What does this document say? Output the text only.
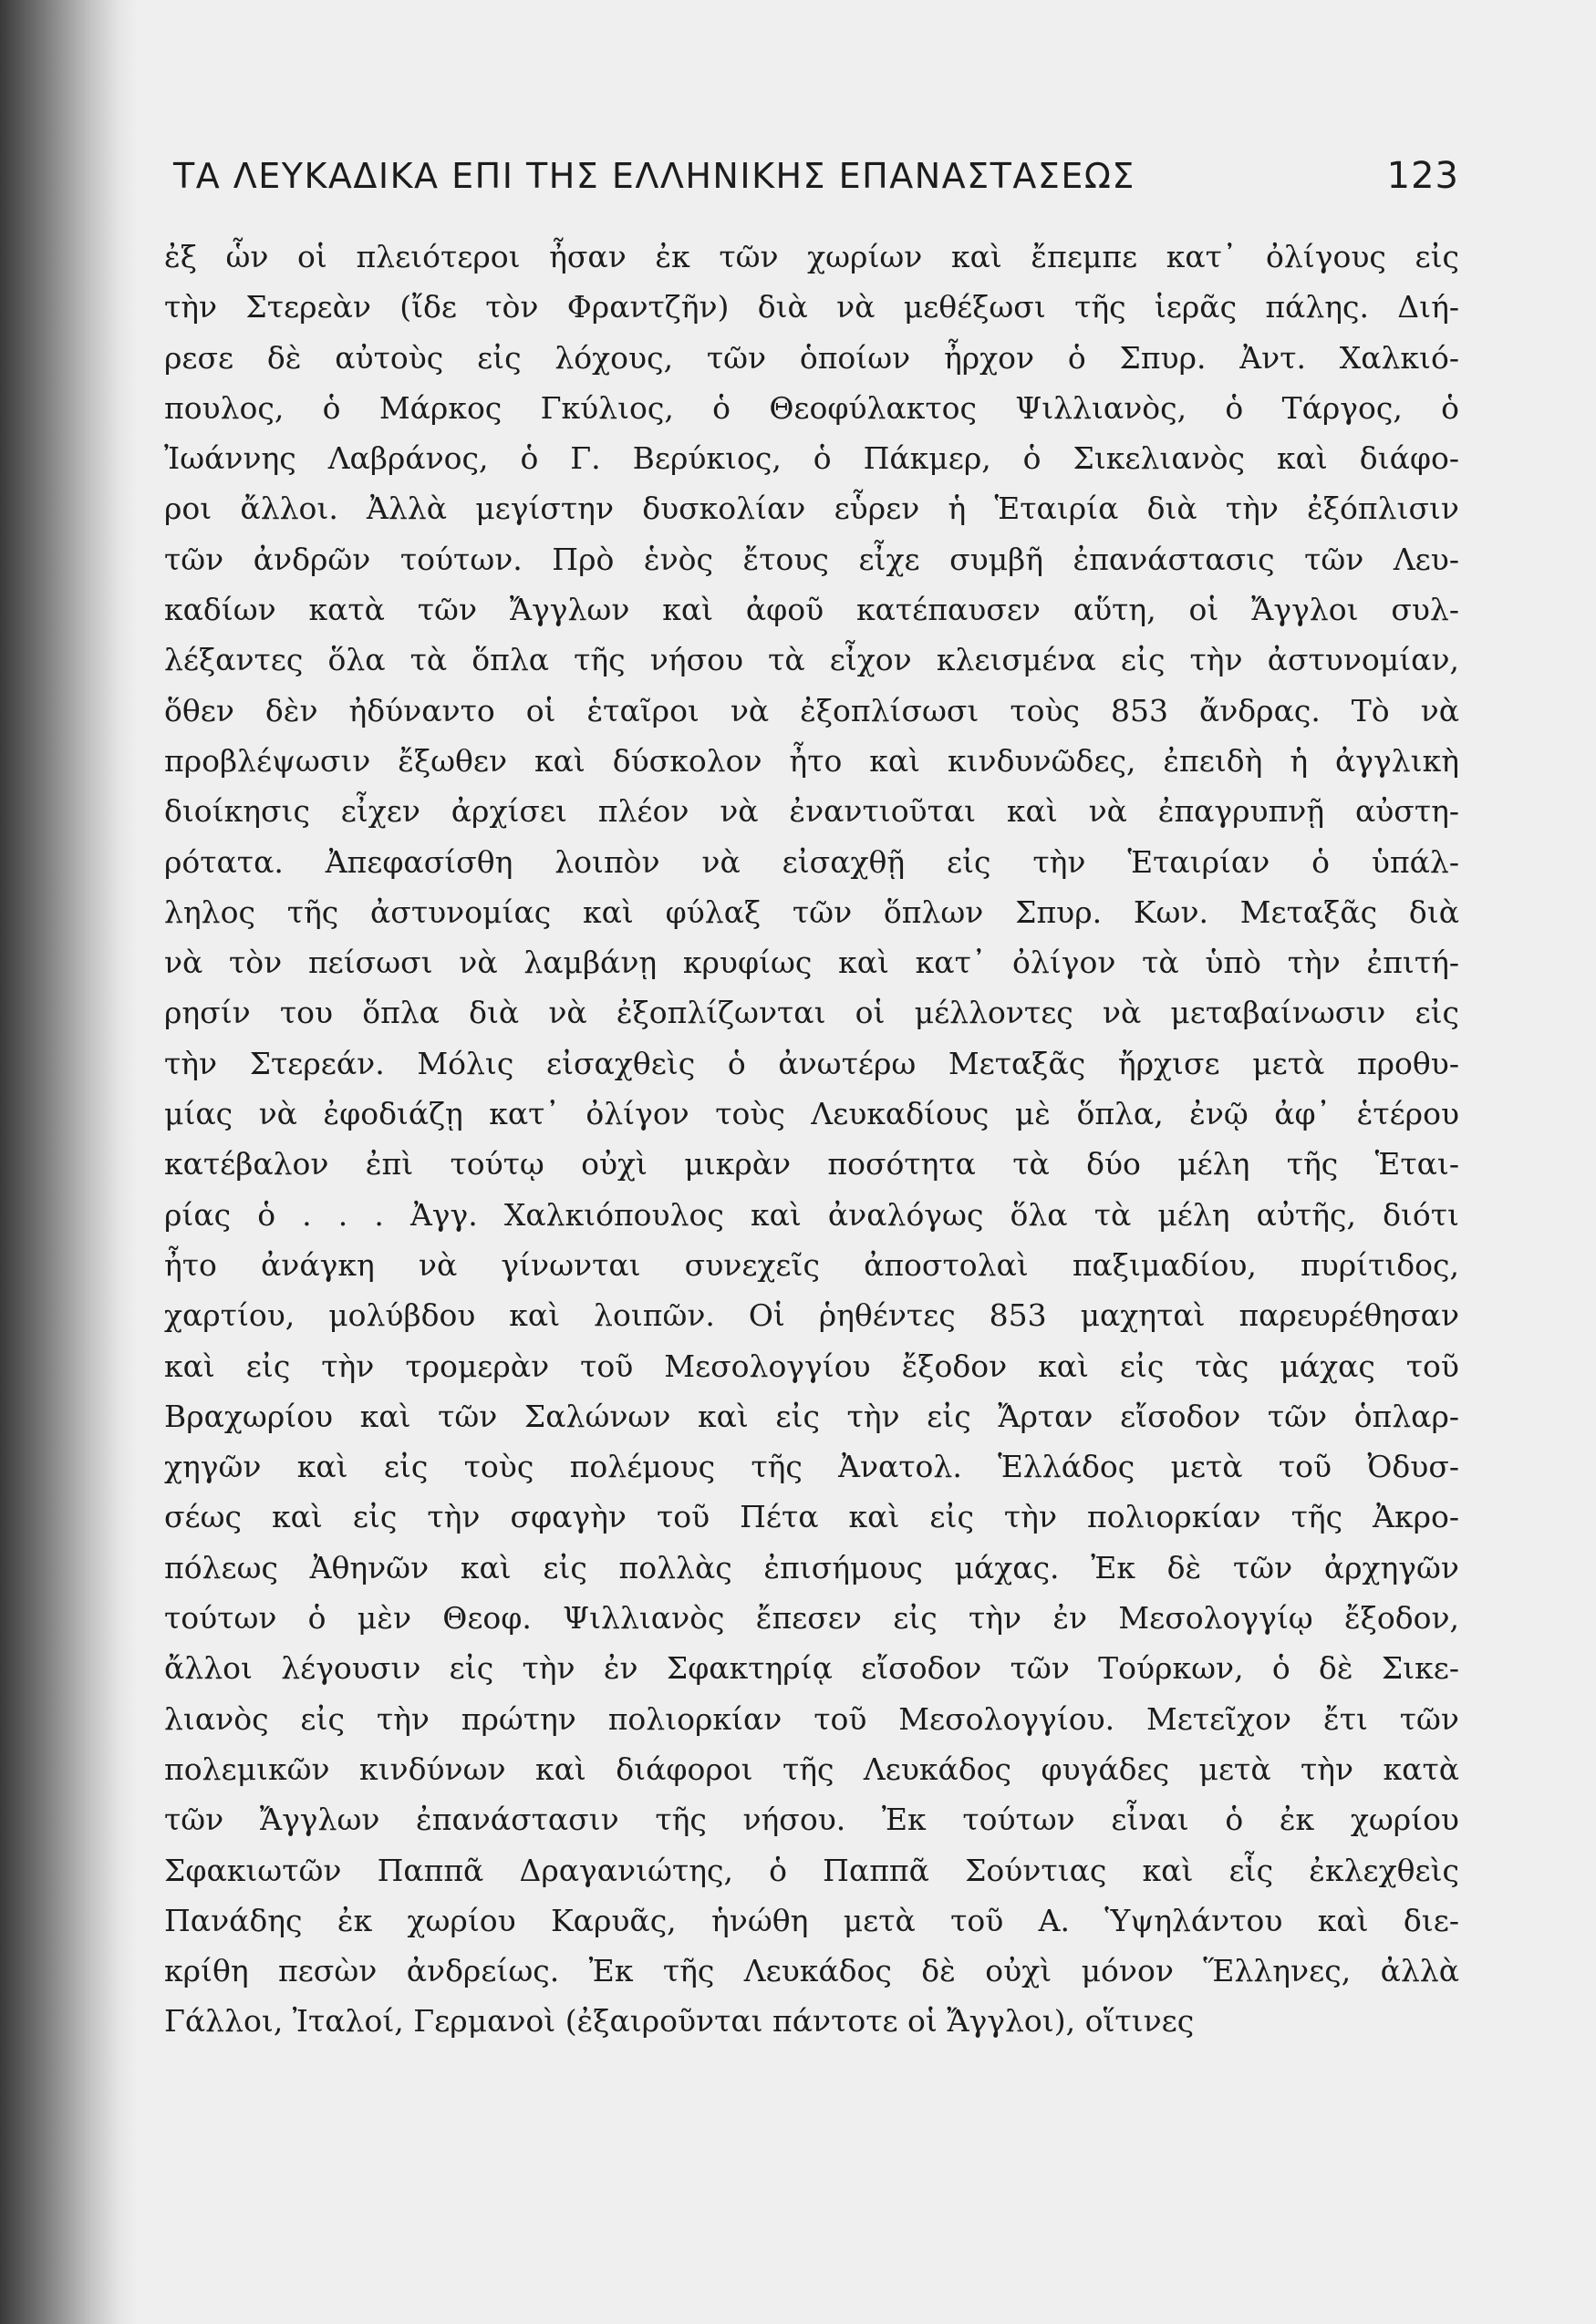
ΤΑ ΛΕΥΚΑΔΙΚΑ ΕΠΙ ΤΗΣ ΕΛΛΗΝΙΚΗΣ ΕΠΑΝΑΣΤΑΣΕΩΣ	123
ἐξ ὧν οἱ πλειότεροι ἦσαν ἐκ τῶν χωρίων καὶ ἔπεμπε κατ᾽ ὀλίγους εἰς
τὴν Στερεὰν (ἴδε τὸν Φραντζῆν) διὰ νὰ μεθέξωσι τῆς ἱερᾶς πάλης. Διή-
ρεσε δὲ αὐτοὺς εἰς λόχους, τῶν ὁποίων ἦρχον ὁ Σπυρ. Ἀντ. Χαλκιό-
πουλος, ὁ Μάρκος Γκύλιος, ὁ Θεοφύλακτος Ψιλλιανὸς, ὁ Τάργος, ὁ
Ἰωάννης Λαβράνος, ὁ Γ. Βερύκιος, ὁ Πάκμερ, ὁ Σικελιανὸς καὶ διάφο-
ροι ἄλλοι. Ἀλλὰ μεγίστην δυσκολίαν εὗρεν ἡ Ἑταιρία διὰ τὴν ἐξόπλισιν
τῶν ἀνδρῶν τούτων. Πρὸ ἑνὸς ἔτους εἶχε συμβῆ ἐπανάστασις τῶν Λευ-
καδίων κατὰ τῶν Ἄγγλων καὶ ἀφοῦ κατέπαυσεν αὕτη, οἱ Ἄγγλοι συλ-
λέξαντες ὅλα τὰ ὅπλα τῆς νήσου τὰ εἶχον κλεισμένα εἰς τὴν ἀστυνομίαν,
ὅθεν δὲν ἠδύναντο οἱ ἑταῖροι νὰ ἐξοπλίσωσι τοὺς 853 ἄνδρας. Τὸ νὰ
προβλέψωσιν ἔξωθεν καὶ δύσκολον ἦτο καὶ κινδυνῶδες, ἐπειδὴ ἡ ἀγγλικὴ
διοίκησις εἶχεν ἀρχίσει πλέον νὰ ἐναντιοῦται καὶ νὰ ἐπαγρυπνῇ αὐστη-
ρότατα. Ἀπεφασίσθη λοιπὸν νὰ εἰσαχθῇ εἰς τὴν Ἑταιρίαν ὁ ὑπάλ-
ληλος τῆς ἀστυνομίας καὶ φύλαξ τῶν ὅπλων Σπυρ. Κων. Μεταξᾶς διὰ
νὰ τὸν πείσωσι νὰ λαμβάνῃ κρυφίως καὶ κατ᾽ ὀλίγον τὰ ὑπὸ τὴν ἐπιτή-
ρησίν του ὅπλα διὰ νὰ ἐξοπλίζωνται οἱ μέλλοντες νὰ μεταβαίνωσιν εἰς
τὴν Στερεάν. Μόλις εἰσαχθεὶς ὁ ἀνωτέρω Μεταξᾶς ἤρχισε μετὰ προθυ-
μίας νὰ ἐφοδιάζῃ κατ᾽ ὀλίγον τοὺς Λευκαδίους μὲ ὅπλα, ἐνῷ ἀφ᾽ ἑτέρου
κατέβαλον ἐπὶ τούτῳ οὐχὶ μικρὰν ποσότητα τὰ δύο μέλη τῆς Ἑται-
ρίας ὁ . . . Ἀγγ. Χαλκιόπουλος καὶ ἀναλόγως ὅλα τὰ μέλη αὐτῆς, διότι
ἦτο ἀνάγκη νὰ γίνωνται συνεχεῖς ἀποστολαὶ παξιμαδίου, πυρίτιδος,
χαρτίου, μολύβδου καὶ λοιπῶν. Οἱ ῥηθέντες 853 μαχηταὶ παρευρέθησαν
καὶ εἰς τὴν τρομερὰν τοῦ Μεσολογγίου ἔξοδον καὶ εἰς τὰς μάχας τοῦ
Βραχωρίου καὶ τῶν Σαλώνων καὶ εἰς τὴν εἰς Ἄρταν εἴσοδον τῶν ὁπλαρ-
χηγῶν καὶ εἰς τοὺς πολέμους τῆς Ἀνατολ. Ἑλλάδος μετὰ τοῦ Ὀδυσ-
σέως καὶ εἰς τὴν σφαγὴν τοῦ Πέτα καὶ εἰς τὴν πολιορκίαν τῆς Ἀκρο-
πόλεως Ἀθηνῶν καὶ εἰς πολλὰς ἐπισήμους μάχας. Ἐκ δὲ τῶν ἀρχηγῶν
τούτων ὁ μὲν Θεοφ. Ψιλλιανὸς ἔπεσεν εἰς τὴν ἐν Μεσολογγίῳ ἔξοδον,
ἄλλοι λέγουσιν εἰς τὴν ἐν Σφακτηρίᾳ εἴσοδον τῶν Τούρκων, ὁ δὲ Σικε-
λιανὸς εἰς τὴν πρώτην πολιορκίαν τοῦ Μεσολογγίου. Μετεῖχον ἔτι τῶν
πολεμικῶν κινδύνων καὶ διάφοροι τῆς Λευκάδος φυγάδες μετὰ τὴν κατὰ
τῶν Ἄγγλων ἐπανάστασιν τῆς νήσου. Ἐκ τούτων εἶναι ὁ ἐκ χωρίου
Σφακιωτῶν Παππᾶ Δραγανιώτης, ὁ Παππᾶ Σούντιας καὶ εἷς ἐκλεχθεὶς
Πανάδης ἐκ χωρίου Καρυᾶς, ἡνώθη μετὰ τοῦ Α. Ὑψηλάντου καὶ διε-
κρίθη πεσὼν ἀνδρείως. Ἐκ τῆς Λευκάδος δὲ οὐχὶ μόνον Ἕλληνες, ἀλλὰ
Γάλλοι, Ἰταλοί, Γερμανοὶ (ἐξαιροῦνται πάντοτε οἱ Ἄγγλοι), οἵτινες
